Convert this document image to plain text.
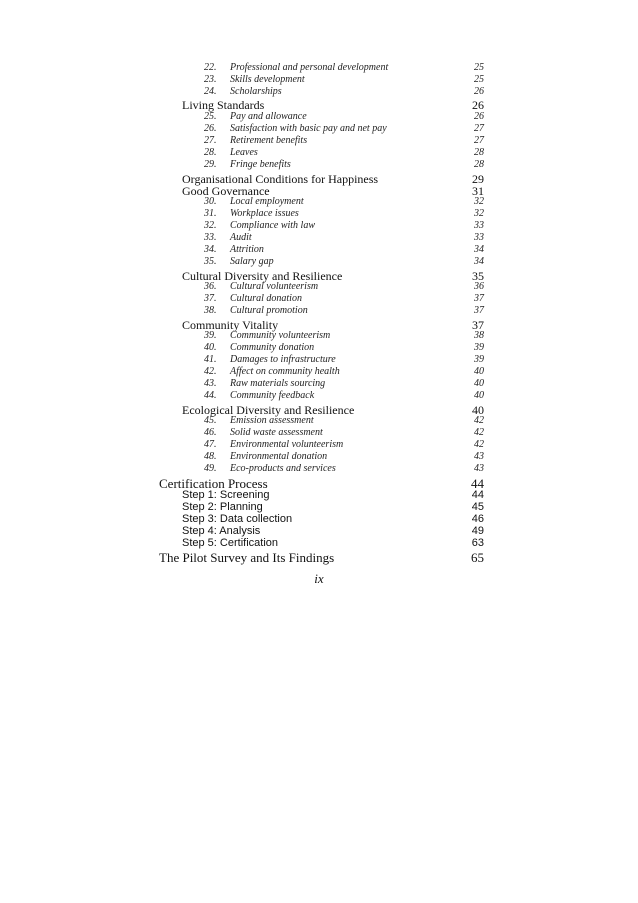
22. Professional and personal development	25
23. Skills development	25
24. Scholarships	26
Living Standards	26
25. Pay and allowance	26
26. Satisfaction with basic pay and net pay	27
27. Retirement benefits	27
28. Leaves	28
29. Fringe benefits	28
Organisational Conditions for Happiness	29
Good Governance	31
30. Local employment	32
31. Workplace issues	32
32. Compliance with law	33
33. Audit	33
34. Attrition	34
35. Salary gap	34
Cultural Diversity and Resilience	35
36. Cultural volunteerism	36
37. Cultural donation	37
38. Cultural promotion	37
Community Vitality	37
39. Community volunteerism	38
40. Community donation	39
41. Damages to infrastructure	39
42. Affect on community health	40
43. Raw materials sourcing	40
44. Community feedback	40
Ecological Diversity and Resilience	40
45. Emission assessment	42
46. Solid waste assessment	42
47. Environmental volunteerism	42
48. Environmental donation	43
49. Eco-products and services	43
Certification Process	44
Step 1: Screening	44
Step 2: Planning	45
Step 3: Data collection	46
Step 4: Analysis	49
Step 5: Certification	63
The Pilot Survey and Its Findings	65
ix
